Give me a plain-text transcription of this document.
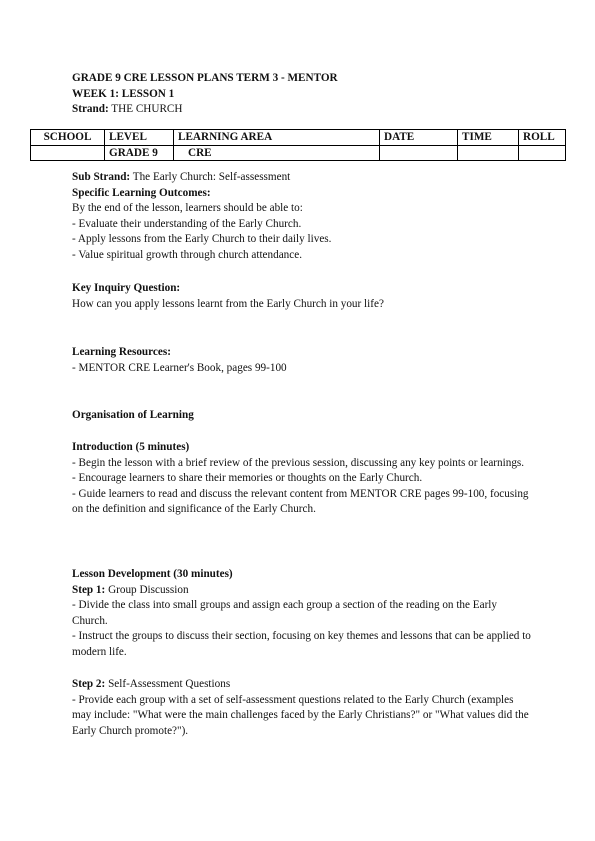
GRADE 9 CRE LESSON PLANS TERM 3 - MENTOR
WEEK 1: LESSON 1
Strand: THE CHURCH
SCHOOL	LEVEL	LEARNING AREA	DATE	TIME	ROLL
	GRADE 9	CRE			

Sub Strand: The Early Church: Self-assessment

Specific Learning Outcomes:

By the end of the lesson, learners should be able to:

- Evaluate their understanding of the Early Church.

- Apply lessons from the Early Church to their daily lives.

- Value spiritual growth through church attendance.

Key Inquiry Question:

How can you apply lessons learnt from the Early Church in your life?

Learning Resources:

- MENTOR CRE Learner's Book, pages 99-100

Organisation of Learning

Introduction (5 minutes)

- Begin the lesson with a brief review of the previous session, discussing any key points or learnings.

- Encourage learners to share their memories or thoughts on the Early Church.

- Guide learners to read and discuss the relevant content from MENTOR CRE pages 99-100, focusing on the definition and significance of the Early Church.

Lesson Development (30 minutes)

Step 1: Group Discussion

- Divide the class into small groups and assign each group a section of the reading on the Early Church.

- Instruct the groups to discuss their section, focusing on key themes and lessons that can be applied to modern life.

Step 2: Self-Assessment Questions

- Provide each group with a set of self-assessment questions related to the Early Church (examples may include: "What were the main challenges faced by the Early Christians?" or "What values did the Early Church promote?").
